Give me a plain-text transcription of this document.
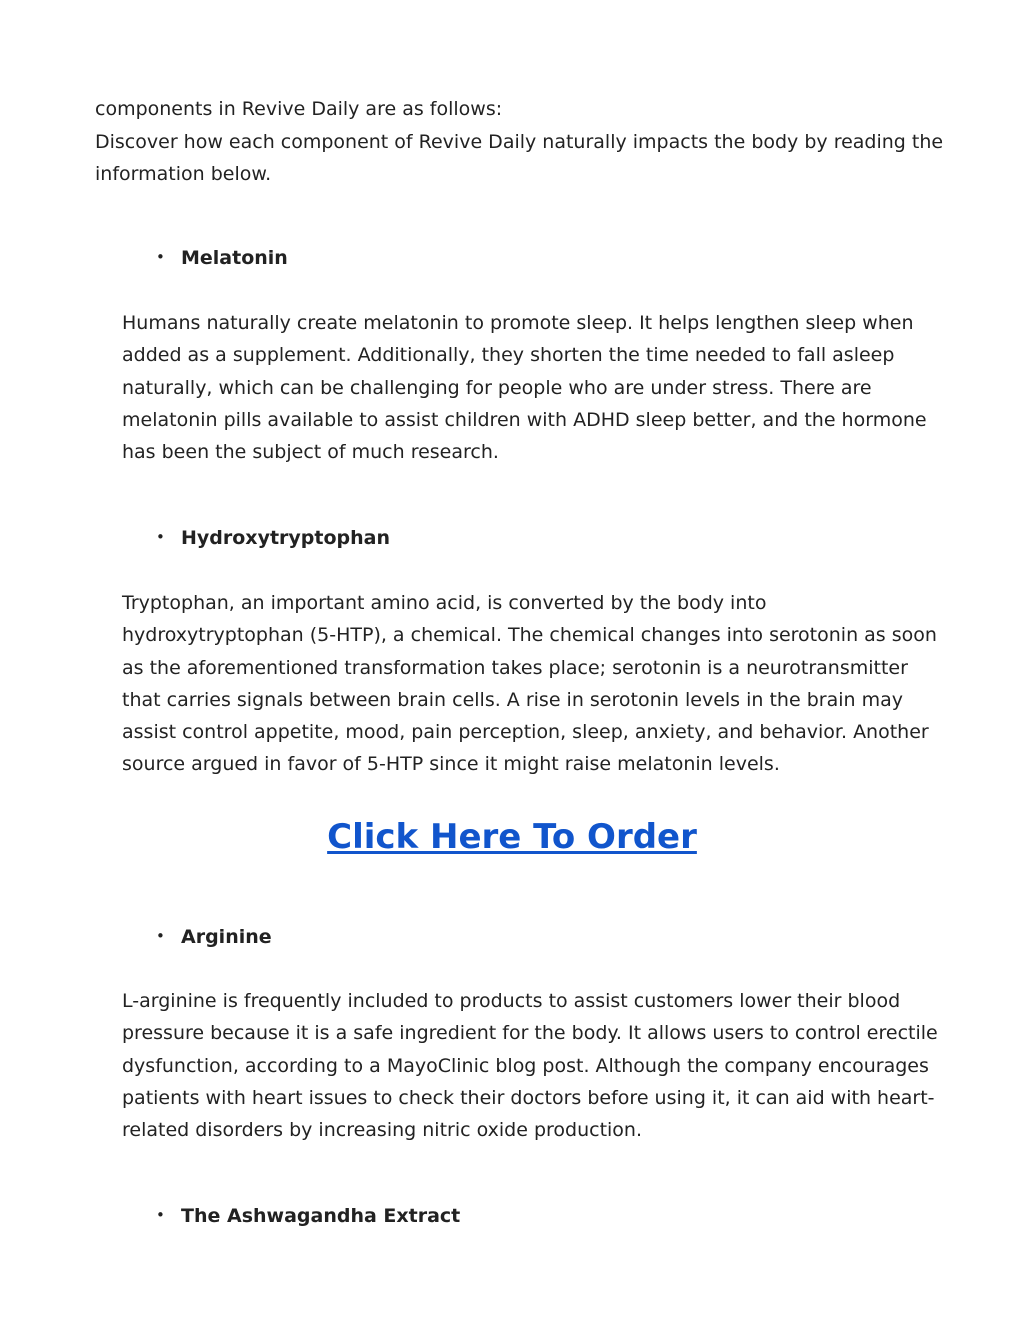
components in Revive Daily are as follows:

Discover how each component of Revive Daily naturally impacts the body by reading the information below.

• Melatonin

Humans naturally create melatonin to promote sleep. It helps lengthen sleep when added as a supplement. Additionally, they shorten the time needed to fall asleep naturally, which can be challenging for people who are under stress. There are melatonin pills available to assist children with ADHD sleep better, and the hormone has been the subject of much research.

• Hydroxytryptophan

Tryptophan, an important amino acid, is converted by the body into hydroxytryptophan (5-HTP), a chemical. The chemical changes into serotonin as soon as the aforementioned transformation takes place; serotonin is a neurotransmitter that carries signals between brain cells. A rise in serotonin levels in the brain may assist control appetite, mood, pain perception, sleep, anxiety, and behavior. Another source argued in favor of 5-HTP since it might raise melatonin levels.

Click Here To Order
• Arginine

L-arginine is frequently included to products to assist customers lower their blood pressure because it is a safe ingredient for the body. It allows users to control erectile dysfunction, according to a MayoClinic blog post. Although the company encourages patients with heart issues to check their doctors before using it, it can aid with heart-related disorders by increasing nitric oxide production.

• The Ashwagandha Extract
